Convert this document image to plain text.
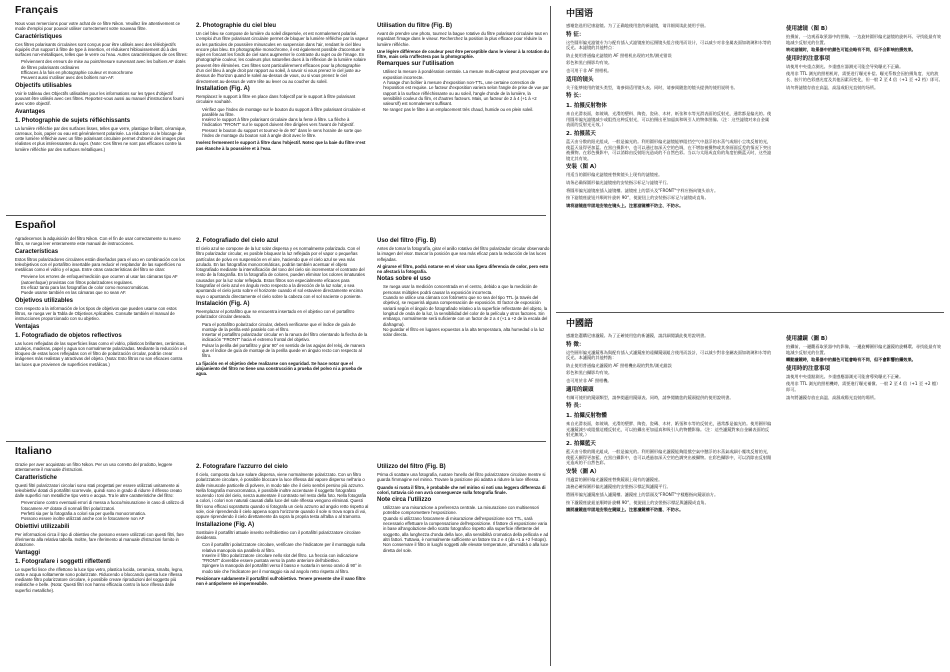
Français

Nous vous remercions pour votre achat de ce filtre Nikon. Veuillez lire attentivement ce mode d'emploi pour pouvoir utiliser correctement votre nouveau filtre.

Caractéristiques

Ces filtres polarisants circulaires sont conçus pour être utilisés avec des téléobjectifs équipés d'un support à filtre de type à insertion, et réduisent l'éblouissement dû à des surfaces non-métalliques, telles que le verre ou l'eau. Autres caractéristiques de ces filtres:

• Préviennent des erreurs de mise au point/mesure survenant avec les boîtiers AF dotés de filtres polarisants ordinaires
• Efficaces à la fois en photographie couleur et monochrome
• Peuvent aussi s'utiliser avec des boîtiers non-AF.
Objectifs utilisables

Voir le tableau des Objectifs utilisables pour les informations sur les types d'objectif pouvant être utilisés avec ces filtres. Reportez-vous aussi au manuel d'instructions fourni avec votre objectif.

Avantages
1. Photographie de sujets réfléchissants

La lumière réfléchie par des surfaces lisses, telles que verre, plastique brillant, céramique, carreaux, bois, papier ou eau est généralement polarisée. La réduction ou le blocage de cette lumière réfléchie avec un filtre polarisant circulaire permet d'obtenir des images plus réalistes et plus intéressantes du sujet. (Note: Ces filtres ne sont pas efficaces contre la lumière réfléchie par des surfaces métalliques.)

2. Photographie du ciel bleu

Un ciel bleu se compose de lumière du soleil dispersée, et est normalement polarisé. L'emploi d'un filtre polarisant circulaire permet de bloquer la lumière réfléchie par la vapeur ou les particules de poussière minuscules en suspension dans l'air, rendant le ciel bleu encore plus bleu. En photographie monochrome, il est également possible d'accentuer le sujet en foncant les fonds de ciel sans augmenter le contraste du sujet ou de l'image. En photographie couleur, les couleurs plus naturelles dues à la réflexion de la lumière solaire peuvent être éliminées. Ces filtres sont particulièrement efficaces pour la photographie d'un ciel bleu à angle droit par rapport au soleil, à savoir si vous prenez le ciel juste au-dessus de l'horizon quand le soleil au-dessus de vous, ou si vous prenez le ciel directement au-dessus de votre tête au lever ou au coucher du soleil.

Installation (Fig. A)

Remplacez le support à filtre en place dans l'objectif par le support à filtre polarisant circulaire souhaité.

• Vérifiez que l'index de montage sur le bouton du support à filtre polarisant circulaire et parallèle au filtre.
• Insérez le support à filtre polarisant circulaire dans la fente à filtre. La flèche à l'indication "FRONT" sur le support doivent être dirigées vers l'avant de l'objectif.
• Pressez le bouton du support et tournez-le de 90° dans le sens horaire de sorte que l'index de montage du bouton soit à angle droit avec le filtre.

Insérez fermement le support à filtre dans l'objectif. Notez que la baie du filtre n'est pas étanche à la poussière et à l'eau.

Utilisation du filtre (Fig. B)

Avant de prendre une photo, tournez la bague rotative du filtre polarisant circulaire tout en regardant l'image dans le viseur. Recherchez la position la plus efficace pour réduire la lumière réfléchie.

Une légère différence de couleur peut être perceptible dans le viseur à la rotation du filtre, mais cela n'affectera pas la photographie.

Remarques sur l'utilisation
• Utilisez la mesure à pondération centrale. La mesure multi-capteur peut provoquer une exposition incorrecte.
• A l'usage d'un boîtier à mesure d'exposition non-TTL, une certaine correction de l'exposition est requise. Le facteur d'exposition variera selon l'angle de prise de vue par rapport à la surface réfléchissante ou au soleil, l'angle d'onde de la lumière, la sensibilité couleur du film, et d'autres facteurs. Mais, un facteur de 2 à 4 (+1 à +2 valeurs/f) est normalement suffisant.
• Ne rangez pas le filtre à un emplacement très chaud, humide ou en plein soleil.
Español

Agradecemos la adquisición del filtro Nikon. Con el fin de usar correctamente su nuevo filtro, se ruega leer enteramente este manual de instrucciones.

Características

Estos filtros polarizadores circulares están diseñados para el uso en combinación con los teleobjetivos con el portafiltro insertable para reducir el resplandor de las superficies no metálicas como el vidrio y el agua. Entre otras características del filtro se citan:

• Previene los errores de enfoque/medición que ocurren al usar las cámaras tipo AF (autoenfoque) provistas con filtros polarizadores regulares.
• Es eficaz tanto para las fotografías de color como monocromáticas.
• Puede usarse también en las cámaras que no sean AF.
Objetivos utilizables

Con respecto a la información de los tipos de objetivos que pueden usarse con estos filtros, se ruega ver la Tabla de Objetivos Aplicables. Consulte también el manual de instrucciones proporcionado con su objetivo.

Ventajas
1. Fotografiado de objetos reflectivos

Las luces reflejadas de las superficies lisas como el vidrio, plásticos brillantes, cerámicas, azulejos, maderas, papel y agua son normalmente polarizadas. Mediante la reducción o el bloqueo de estas luces reflejadas con el filtro de polarización circular, podrán crear imágenes más realistas y atractivas del objeto. (Nota: Esto filtros no son eficaces contra las luces que provienen de superficies metálicas.)

2. Fotografiado del cielo azul

El cielo azul se compone de la luz solar dispersa y es normalmente polarizado. Con el filtro polarizador circular, es posible bloquear la luz reflejada por el vapor o pequeñas partículas de polvo en suspensión en el aire, haciendo que el cielo azul se vea más azulado. En las fotografías monocromáticas, podrán también acentuar el objeto fotografiado mediante la intensificación del tono del cielo sin incrementar el contraste del resto de la fotografía. En la fotografía de colores, pueden eliminar los colores innaturales causados por la luz solar reflejada. Estos filtros son especialmente eficaces para fotografiar el cielo azul en ángulo recto respecto a la dirección de la luz solar, o sea apuntando el cielo justo sobre el horizonte cuando el sol estuviere directamente encima suyo o apuntando directamente el cielo sobre la cabeza con el sol naciente o poniente.

Instalación (Fig. A)

Reemplazar el portafiltro que se encuentra insertado en el objetivo con el portafiltro polarizador circular deseado.

• Para el portafiltro polarizador circular, deberá verificarse que el índice de guía de montaje de la perilla esté paralelo con el filtro.
• Insertar el portafiltro polarizador circular en la ranura del filtro orientando la flecha de la indicación "FRONT" hacia el extremo frontal del objetivo.
• Pulsar la perilla del portafiltro y girar 90° en sentido de las agujas del reloj, de manera que el índice de guía de montaje de la perilla quede en ángulo recto con respecto al filtro.

La fijación en el objetivo debe realizarse con seguridad. Se hace notar que el alojamiento del filtro no tiene una construcción a prueba del polvo ni a prueba de agua.

Uso del filtro (Fig. B)

Antes de tomar la fotografía, girar el anillo rotativo del filtro polarizador circular observando la imagen del visor. Buscar la posición que sea más eficaz para la reducción de las luces reflejadas.

Al girarse el filtro, podrá notarse en el visor una ligera diferencia de color, pero esto no afectará la fotografía.

Notas sobre el uso
• Se ruega usar la medición concentrada en el centro, debido a que la medición de personas múltiples podrá causar la exposición incorrecta.
• Cuando se utilice una cámara con fotómetro que no sea del tipo TTL (a través del objetivo), se requerirá alguna compensación de exposición. El factor de exposición variará según el ángulo de fotografiado relativo a la superficie reflectante del objeto, la longitud de onda de la luz, la sensibilidad del color de la película y otros factores. Sin embargo, normalmente será suficiente con un factor de 2 a 4 (+1 a +2 de la escala del diafragma).
• No guardar el filtro en lugares expuestos a la alta temperatura, alta humedad o la luz solar directa.
Italiano

Grazie per aver acquistato un filtro Nikon. Per un uso corretto del prodotto, leggere attentamente il manuale d'istruzioni.

Caratteristiche

Questi filtri polarizzatori circolari sono stati progettati per essere utilizzati unitamente ai teleobiettivi dotati di portafiltri scorrevole, quindi sono in grado di ridurre il riflesso creato dalle superfici non metalliche tipo vetro e acqua. Tra le altre caratteristiche del filtro:

• Prevenzione contro eventuali errori di messa a fuoco/misurazione in caso di utilizzo di fotocamere AF dotate di normali filtri polarizzatori.
• Perfetti sia per la fotografia a colori sia per quella monocromatica.
• Possono essere inoltre utilizzati anche con le fotocamere non AF
Obiettivi utilizzabili

Per informazioni circa il tipo di obiettivo che possono essere utilizzati con questi filtri, fare riferimento alla relativa tabella. Inoltre, fare riferimento al manuale d'istruzioni fornito in dotazione.

Vantaggi
1. Fotografare i soggetti riflettenti

Le superfici lisce che riflettono la luce tipo vetro, plastica lucida, ceramica, smalto, legno, carta e acqua solitamente sono polarizzate. Riducendo o bloccando questa luce riflessa mediante filtro polarizzatore circolare, è possibile creare riproduzioni del soggetto più realistiche e belle. (Nota: Questi filtri non hanno efficacia contro la luce riflessa dalle superfici metalliche).

2. Fotografare l'azzurro del cielo

Il cielo, composto da luce solare dispersa, viene normalmente polarizzato. Con un filtro polarizzatore circolare, è possibile bloccare la luce riflessa dal vapore disperso nell'aria o dalle minuscole particelle di polvere, in modo tale che il cielo sembri persino più azzurro. Nella fotografia monocromatica, è possibile inoltre accentuare il soggetto fotografato scurendo i toni del cielo, senza aumentare il contrasto nel resto della foto. Nella fotografia a colori, i colori non naturali causati dalla luce del sole riflessa vengono eliminati. Questi filtri sono efficaci soprattutto quando si fotografa un cielo azzurro ad angolo retto rispetto al sole, cioè riprendendo il cielo appena sopra l'orizzonte quando il sole si trova sopra di voi, oppure riprendendo il cielo direttamente da sopra la propria testa all'alba o al tramonto.

Installazione (Fig. A)

Sostituire il portafiltri attuale inserito nell'obiettivo con il portafiltri polarizzatore circolare desiderato.

• Con il portafiltri polarizzatore circolare, verificare che l'indicatore per il montaggio sulla relativa manopola sia parallelo al filtro.
• Inserire il filtro polarizzatore circolare nello slot del filtro. La freccia con indicazione "FRONT" dovrebbe essere puntata verso la parte anteriore dell'obiettivo.
• Spingere la manopola del portafiltri verso il basso e ruotarla in senso orario di 90° in modo tale che l'indicatore per il montaggio sia ad angolo retto rispetto al filtro.

Posizionare saldamente il portafiltri sull'obiettivo. Tenere presente che il vano filtro non è antipolvere né impermeabile.

Utilizzo del filtro (Fig. B)

Prima di scattare una fotografia, ruotare l'anello del filtro polarizzatore circolare mentre si guarda l'immagine nel mirino. Trovare la posizione più adatta a ridurre la luce riflessa.

Quando si ruota il filtro, è probabile che nel mirino si noti una leggera differenza di colori, tuttavia ciò non avrà conseguenze sulla fotografia finale.

Note circa l'utilizzo
• Utilizzare una misurazione a preferenza centrale. La misurazione con multisensori potrebbe compromettere l'esposizione.
• Quando si utilizzano fotocamere di misurazione dell'esposizione non TTL, sarà necessario effettuare la compensazione dell'esposizione. Il fattore di esposizione varia in base all'angolazione dello scatto fotografico rispetto alla superficie riflettente del soggetto, alla lunghezza d'onda della luce, alla sensibilità cromatica della pellicola e ad altri fattori. Tuttavia, è normalmente sufficiente un fattore tra 2 e 4 (da +1 a +2 f-stops).
• Non conservare il filtro in luoghi soggetti alle elevate temperature, all'umidità o alla luce diretta del sole.
中国语

感谢您选用尼康滤镜。为了正确地使用您的新滤镜，请详细阅读此使用手册。

特 征：

这些圆形偏光滤镜专为与配有插入式滤镜座的远摄镜头组合使用而设计，可以减少对非金属表面如玻璃和水等的反光。本滤镜的其他特点：

防止使用普通偏光滤镜的 AF 照相机出现的对焦/测光错误

彩色和黑白摄影均有效。

也可用于非 AF 照相机。

适用的镜头

关于能够使用的镜头类型，请参阅适用镜头表。同时，请参阅随您的镜头提供的使用说明书。

特 长：
1. 拍摄反射物体

来自光滑表面，如玻璃、光滑的塑料、陶瓷、瓷砖、木材、纸张和水等光滑表面的反射光，通常都是偏光的。使用圆形偏光滤镜减少或阻挡这种反射光，可以拍摄出更加逼真和吸引人的物体图像。（注：这些滤镜对来自金属表面的反射光无效。）

2. 拍摄蓝天

蓝天由分散的阳光组成，一般是偏光的。利用圆形偏光滤镜能够阻挡空气中悬浮的水蒸气或细小尘埃反射的光，使蓝天显得更加蓝。在黑白摄影中，也可以通过加深天空的色调，在不增加被摄物或其余画面反差的情况下突出被摄物。在彩色摄影中，可以消除由反射阳光造成的不自然色彩。当以与太阳成直角的角度拍摄蓝天时，这些滤镜尤其有效。

安装（图 A）

用适当的圆形偏光滤镜座替换镜头上现有的滤镜座。

请务必确保圆形偏光滤镜座的安装指示标记与滤镜平行。

将圆形偏光滤镜座插入滤镜槽。滤镜座上的箭头及"FRONT"字样应指向镜头前方。

按下滤镜座旋钮并顺时针旋转 90°，使旋钮上的安装指示标记与滤镜成直角。

请将滤镜座牢固地安装在镜头上。注意滤镜槽不防尘、不防水。

使用滤镜（图 B）

拍摄前，一边观看取景器中的图像，一边旋转圆形偏光滤镜的旋转环。寻找能最有效地减少反射光的位置。

转动滤镜时，取景器中的颜色可能会略有不同，但不会影响拍摄效果。

使用时的注意事项

请使用中央重点测光。多重感应器测光可能会导致曝光不正确。

使用非 TTL 测光的照相机时，需要进行曝光补偿。曝光系数会因拍摄角度、光的波长、胶片的色彩感光度及其他因素而变化，但一般 2 至 4 倍（+1 至 +2 档）即可。

请勿将滤镜存放在高温、高湿或阳光直射的场所。

中國語

感謝您選購尼康濾鏡。為了正確使用您的新濾鏡，請詳細閱讀此使用說明書。

特 徵：

這些圓形偏光濾鏡專為與配有插入式濾鏡座的遠攝鏡頭組合使用而設計，可以減少對非金屬表面如玻璃和水等的反光。本濾鏡的其他特點：

防止使用普通偏光濾鏡的 AF 照相機出現的對焦/測光錯誤

彩色和黑白攝影均有效。

也可用於非 AF 照相機。

適用的鏡頭

有關可使用的鏡頭類型，請參閱適用鏡頭表。同時，請參閱隨您的鏡頭提供的使用說明書。

特 長：
1. 拍攝反射物體

來自光滑表面，如玻璃、光滑的塑膠、陶瓷、瓷磚、木材、紙張和水等的反射光，通常都是偏光的。使用圓形偏光濾鏡減少或阻擋這種反射光，可以拍攝出更加逼真和吸引人的物體影像。（注：這些濾鏡對來自金屬表面的反射光無效。）

2. 拍攝藍天

藍天由分散的陽光組成，一般是偏光的。利用圓形偏光濾鏡能夠阻擋空氣中懸浮的水蒸氣或細小塵埃反射的光，使藍天顯得更加藍。在黑白攝影中，也可以透過加深天空的色調突出被攝物。在彩色攝影中，可以消除由反射陽光造成的不自然色彩。

安裝（圖 A）

用適當的圓形偏光濾鏡座替換鏡頭上現有的濾鏡座。

請務必確保圓形偏光濾鏡座的安裝指示標記與濾鏡平行。

將圓形偏光濾鏡座插入濾鏡槽。濾鏡座上的箭頭及"FRONT"字樣應指向鏡頭前方。

按下濾鏡座旋鈕並順時針旋轉 90°，使旋鈕上的安裝指示標記與濾鏡成直角。

請將濾鏡座牢固地安裝在鏡頭上。注意濾鏡槽不防塵、不防水。

使用濾鏡（圖 B）

拍攝前，一邊觀看取景器中的影像，一邊旋轉圓形偏光濾鏡的旋轉環。尋找能最有效地減少反射光的位置。

轉動濾鏡時，取景器中的顏色可能會略有不同，但不會影響拍攝效果。

使用時的注意事項

請使用中央重點測光。多重感應器測光可能會導致曝光不正確。

使用非 TTL 測光的照相機時，需要進行曝光補償。一般 2 至 4 倍（+1 至 +2 檔）即可。

請勿將濾鏡存放在高溫、高濕或陽光直射的場所。
